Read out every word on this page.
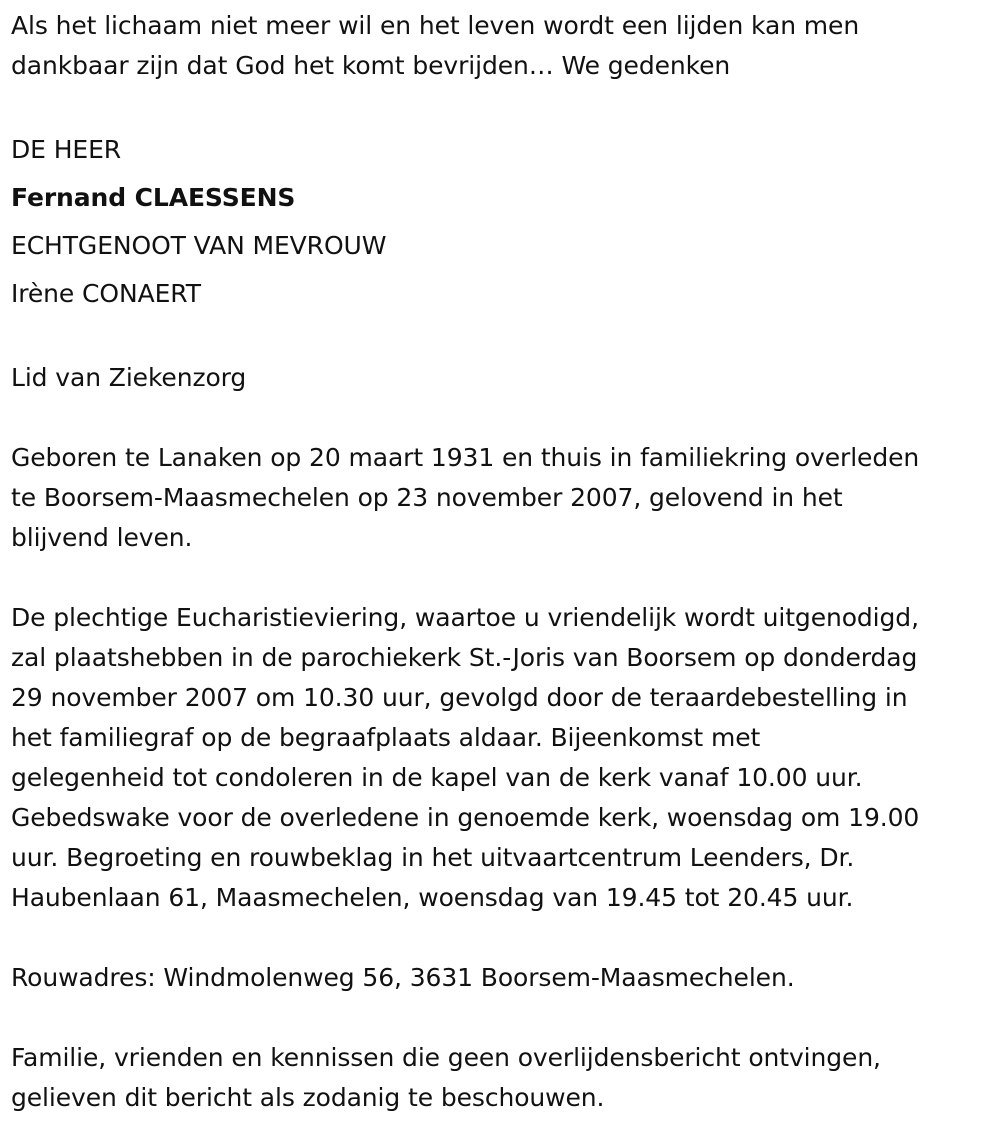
Als het lichaam niet meer wil en het leven wordt een lijden kan men
dankbaar zijn dat God het komt bevrijden… We gedenken
DE HEER
Fernand CLAESSENS
ECHTGENOOT VAN MEVROUW
Irène CONAERT
Lid van Ziekenzorg
Geboren te Lanaken op 20 maart 1931 en thuis in familiekring overleden
te Boorsem-Maasmechelen op 23 november 2007, gelovend in het
blijvend leven.
De plechtige Eucharistieviering, waartoe u vriendelijk wordt uitgenodigd,
zal plaatshebben in de parochiekerk St.-Joris van Boorsem op donderdag
29 november 2007 om 10.30 uur, gevolgd door de teraardebestelling in
het familiegraf op de begraafplaats aldaar. Bijeenkomst met
gelegenheid tot condoleren in de kapel van de kerk vanaf 10.00 uur.
Gebedswake voor de overledene in genoemde kerk, woensdag om 19.00
uur. Begroeting en rouwbeklag in het uitvaartcentrum Leenders, Dr.
Haubenlaan 61, Maasmechelen, woensdag van 19.45 tot 20.45 uur.
Rouwadres: Windmolenweg 56, 3631 Boorsem-Maasmechelen.
Familie, vrienden en kennissen die geen overlijdensbericht ontvingen,
gelieven dit bericht als zodanig te beschouwen.
